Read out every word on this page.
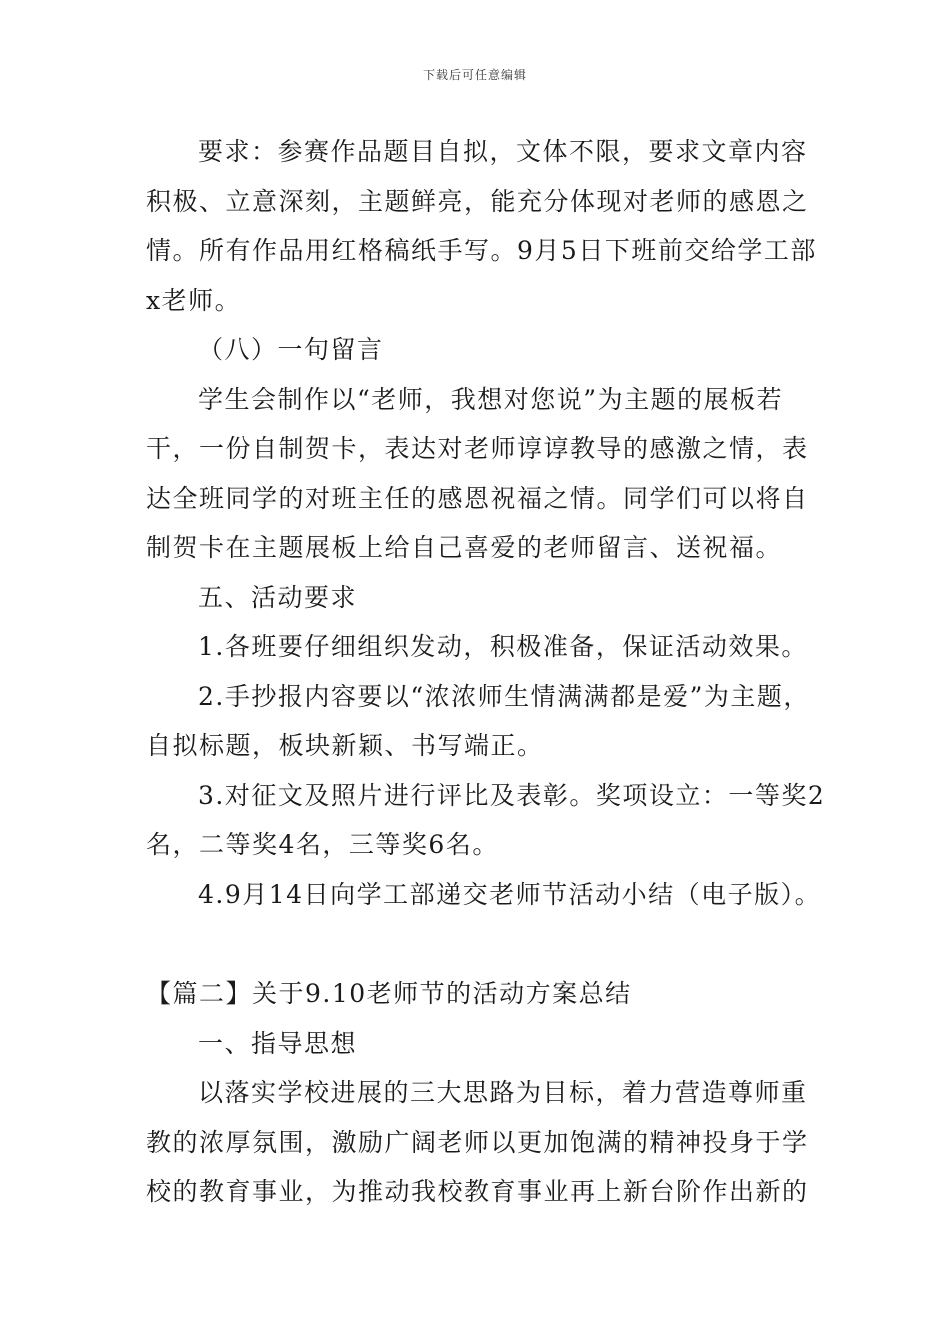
下载后可任意编辑

要求：参赛作品题目自拟，文体不限，要求文章内容

积极、立意深刻，主题鲜亮，能充分体现对老师的感恩之

情。所有作品用红格稿纸手写。9月5日下班前交给学工部

x老师。

（八）一句留言

学生会制作以“老师，我想对您说”为主题的展板若

干，一份自制贺卡，表达对老师谆谆教导的感激之情，表

达全班同学的对班主任的感恩祝福之情。同学们可以将自

制贺卡在主题展板上给自己喜爱的老师留言、送祝福。

五、活动要求

1.各班要仔细组织发动，积极准备，保证活动效果。

2.手抄报内容要以“浓浓师生情满满都是爱”为主题，

自拟标题，板块新颖、书写端正。

3.对征文及照片进行评比及表彰。奖项设立：一等奖2

名，二等奖4名，三等奖6名。

4.9月14日向学工部递交老师节活动小结（电子版）。

【篇二】关于9.10老师节的活动方案总结

一、指导思想

以落实学校进展的三大思路为目标，着力营造尊师重

教的浓厚氛围，激励广阔老师以更加饱满的精神投身于学

校的教育事业，为推动我校教育事业再上新台阶作出新的
